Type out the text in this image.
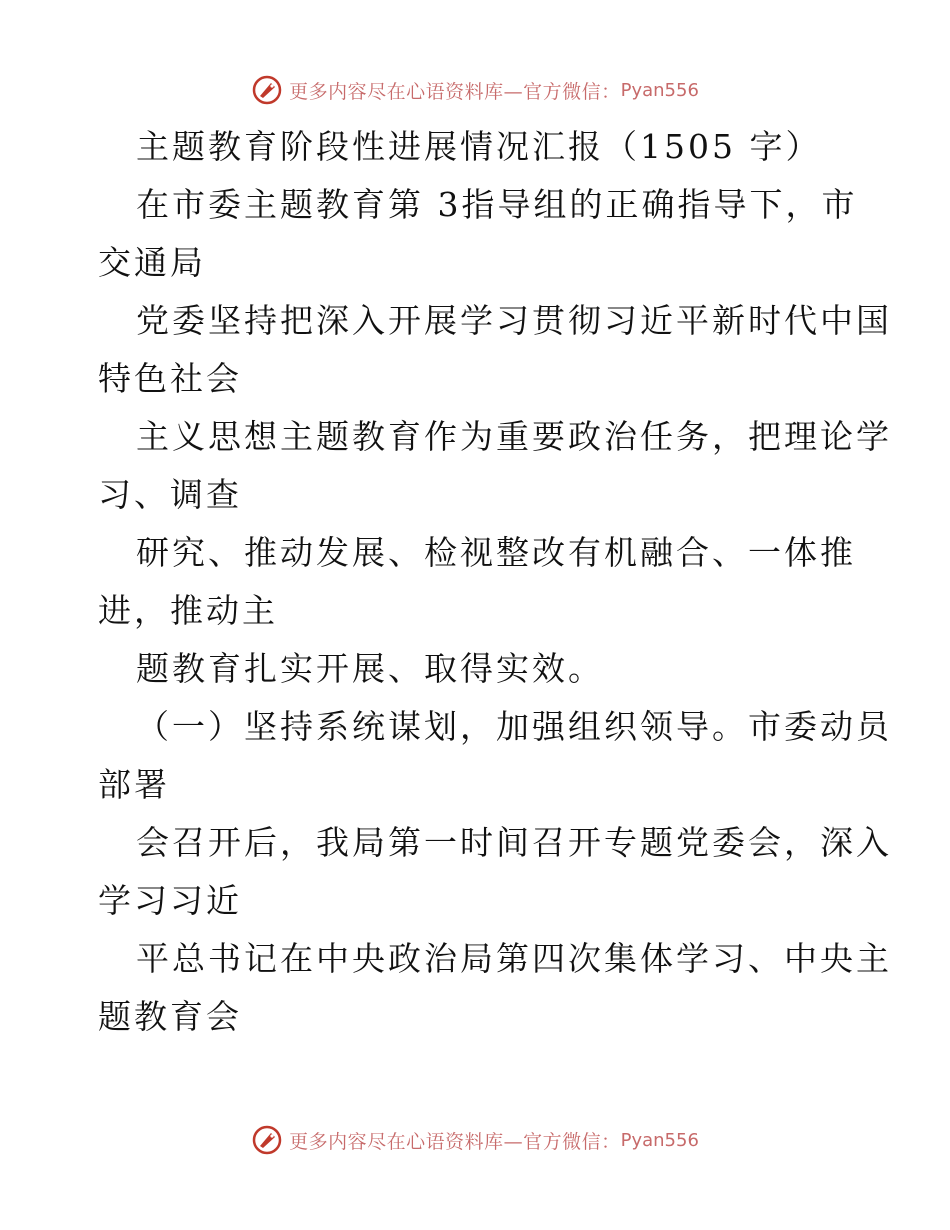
更多内容尽在心语资料库—官方微信： Pyan556
主题教育阶段性进展情况汇报（1505 字）
在市委主题教育第 3指导组的正确指导下，市
交通局
党委坚持把深入开展学习贯彻习近平新时代中国
特色社会
主义思想主题教育作为重要政治任务，把理论学
习、调查
研究、推动发展、检视整改有机融合、一体推
进，推动主
题教育扎实开展、取得实效。
（一）坚持系统谋划，加强组织领导。市委动员
部署
会召开后，我局第一时间召开专题党委会，深入
学习习近
平总书记在中央政治局第四次集体学习、中央主
题教育会
更多内容尽在心语资料库—官方微信： Pyan556
